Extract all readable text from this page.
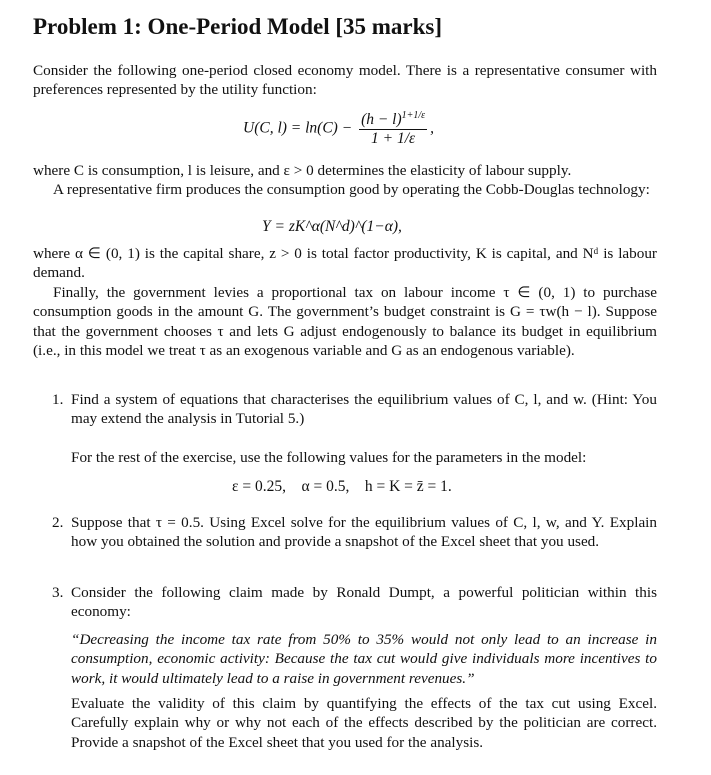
Problem 1: One-Period Model [35 marks]

Consider the following one-period closed economy model. There is a representative consumer with preferences represented by the utility function:

U(C, $l) = \ln(C) - \frac{(h - l)^{1+1/\varepsilon}}{1 + 1/\varepsilon}$ ,

where C is consumption, l is leisure, and ε > 0 determines the elasticity of labour supply.

A representative firm produces the consumption good by operating the Cobb-Douglas technology:

Y = zK^α(N^d)^(1−α),

where α ∈ (0, 1) is the capital share, z > 0 is total factor productivity, K is capital, and Nᵈ is labour demand.

Finally, the government levies a proportional tax on labour income τ ∈ (0, 1) to purchase consumption goods in the amount G. The government’s budget constraint is G = τw(h − l). Suppose that the government chooses τ and lets G adjust endogenously to balance its budget in equilibrium (i.e., in this model we treat τ as an exogenous variable and G as an endogenous variable).

1. Find a system of equations that characterises the equilibrium values of C, l, and w. (Hint: You may extend the analysis in Tutorial 5.)
For the rest of the exercise, use the following values for the parameters in the model:
ε = 0.25,    α = 0.5,    h = K = z̄ = 1.
2. Suppose that τ = 0.5. Using Excel solve for the equilibrium values of C, l, w, and Y. Explain how you obtained the solution and provide a snapshot of the Excel sheet that you used.
3. Consider the following claim made by Ronald Dumpt, a powerful politician within this economy:
“Decreasing the income tax rate from 50% to 35% would not only lead to an increase in consumption, economic activity: Because the tax cut would give individuals more incentives to work, it would ultimately lead to a raise in government revenues.”
Evaluate the validity of this claim by quantifying the effects of the tax cut using Excel. Carefully explain why or why not each of the effects described by the politician are correct. Provide a snapshot of the Excel sheet that you used for the analysis.
